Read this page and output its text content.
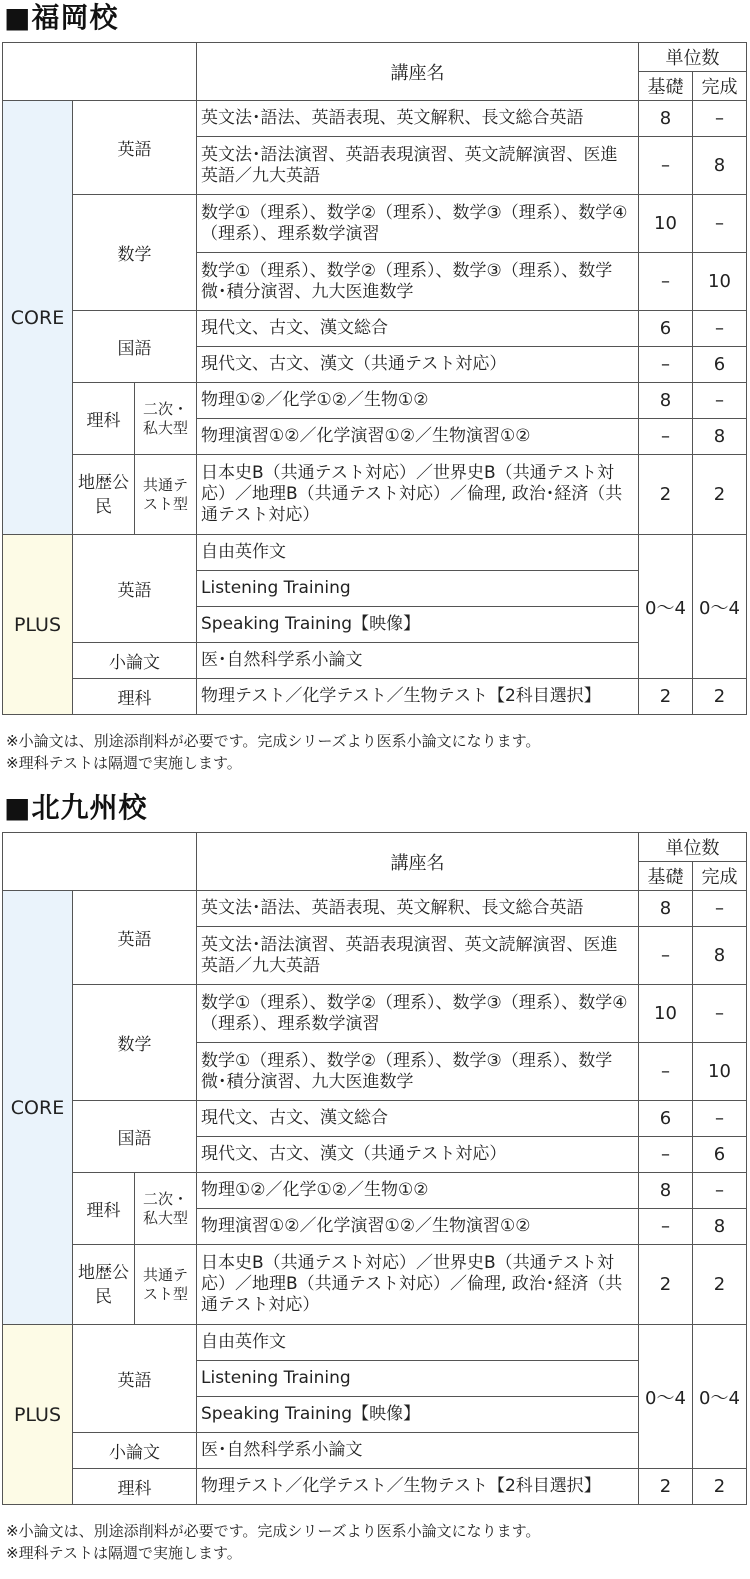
■福岡校
			講座名	単位数	
				基礎	完成
CORE	英語		英文法･語法、英語表現、英文解釈、長文総合英語	8	–
			英文法･語法演習、英語表現演習、英文読解演習、医進英語／九大英語	–	8
	数学		数学①（理系）、数学②（理系）、数学③（理系）、数学④（理系）、理系数学演習	10	–
			数学①（理系）、数学②（理系）、数学③（理系）、数学微･積分演習、九大医進数学	–	10
	国語		現代文、古文、漢文総合	6	–
			現代文、古文、漢文（共通テスト対応）	–	6
	理科	二次・私大型	物理①②／化学①②／生物①②	8	–
			物理演習①②／化学演習①②／生物演習①②	–	8
	地歴公民	共通テスト型	日本史B（共通テスト対応）／世界史B（共通テスト対応）／地理B（共通テスト対応）／倫理, 政治･経済（共通テスト対応）	2	2
PLUS	英語		自由英作文	0〜4	0〜4
			Listening Training		
			Speaking Training【映像】		
	小論文		医･自然科学系小論文		
	理科		物理テスト／化学テスト／生物テスト【2科目選択】	2	2
※小論文は、別途添削料が必要です。完成シリーズより医系小論文になります。
※理科テストは隔週で実施します。
■北九州校
			講座名	単位数	
				基礎	完成
CORE	英語		英文法･語法、英語表現、英文解釈、長文総合英語	8	–
			英文法･語法演習、英語表現演習、英文読解演習、医進英語／九大英語	–	8
	数学		数学①（理系）、数学②（理系）、数学③（理系）、数学④（理系）、理系数学演習	10	–
			数学①（理系）、数学②（理系）、数学③（理系）、数学微･積分演習、九大医進数学	–	10
	国語		現代文、古文、漢文総合	6	–
			現代文、古文、漢文（共通テスト対応）	–	6
	理科	二次・私大型	物理①②／化学①②／生物①②	8	–
			物理演習①②／化学演習①②／生物演習①②	–	8
	地歴公民	共通テスト型	日本史B（共通テスト対応）／世界史B（共通テスト対応）／地理B（共通テスト対応）／倫理, 政治･経済（共通テスト対応）	2	2
PLUS	英語		自由英作文	0〜4	0〜4
			Listening Training		
			Speaking Training【映像】		
	小論文		医･自然科学系小論文		
	理科		物理テスト／化学テスト／生物テスト【2科目選択】	2	2
※小論文は、別途添削料が必要です。完成シリーズより医系小論文になります。
※理科テストは隔週で実施します。
